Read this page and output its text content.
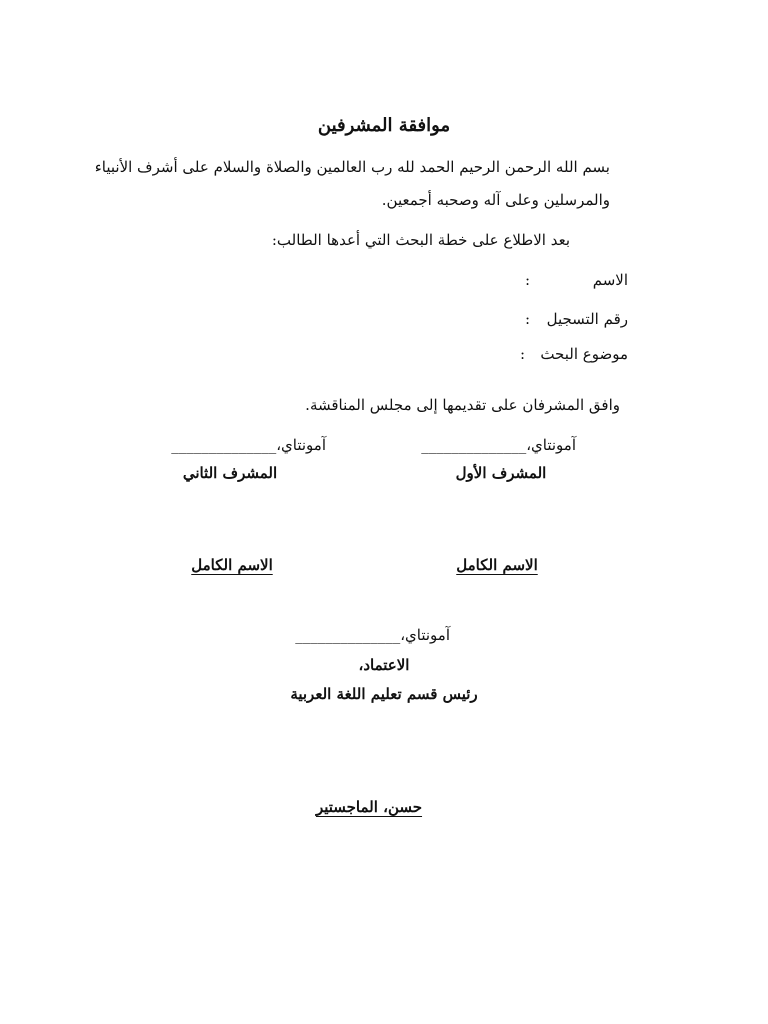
موافقة المشرفين
بسم الله الرحمن الرحيم الحمد لله رب العالمين والصلاة والسلام على أشرف الأنبياء
والمرسلين وعلى آله وصحبه أجمعين.
بعد الاطلاع على خطة البحث التي أعدها الطالب:
الاسم
:
رقم التسجيل
:
موضوع البحث
:
وافق المشرفان على تقديمها إلى مجلس المناقشة.
آمونتاي،______________
آمونتاي،______________
المشرف الأول
المشرف الثاني
الاسم الكامل
الاسم الكامل
آمونتاي،______________
الاعتماد،
رئيس قسم تعليم اللغة العربية
حسن، الماجستير
